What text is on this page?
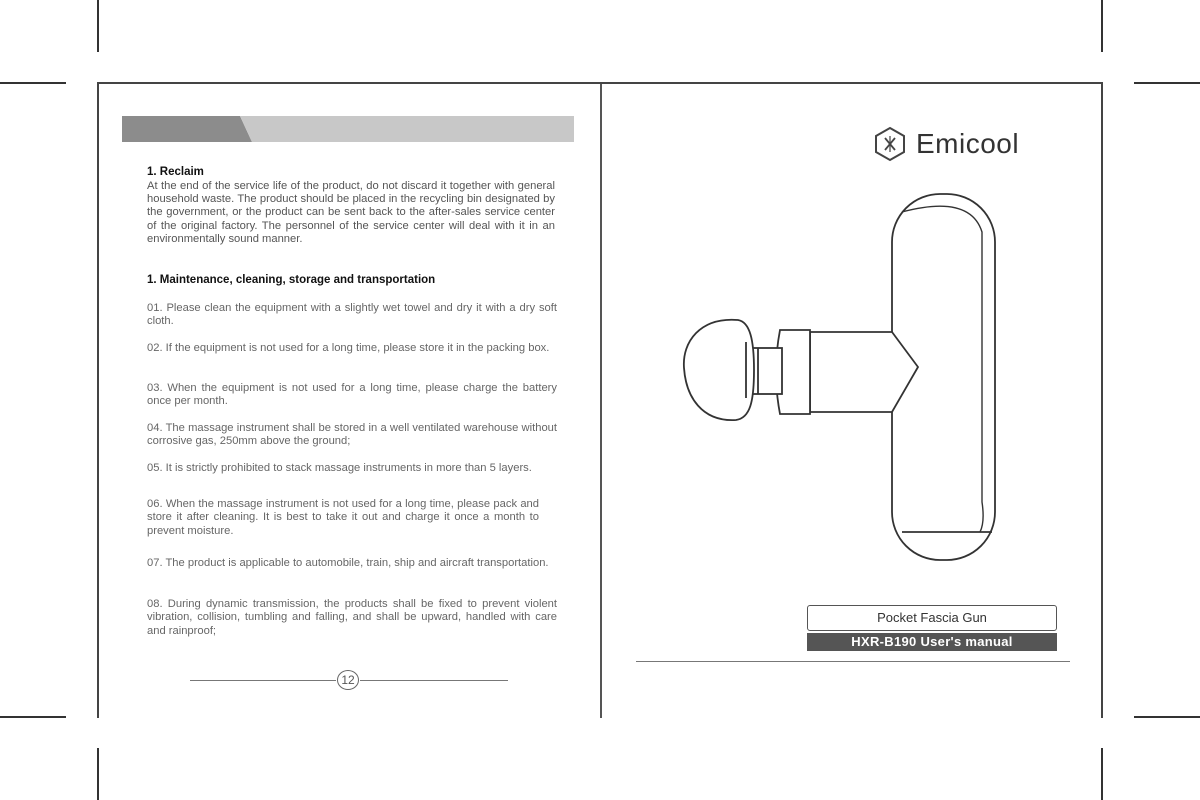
1. Reclaim
At the end of the service life of the product, do not discard it together with general household waste. The product should be placed in the recycling bin designated by the government, or the product can be sent back to the after-sales service center of the original factory. The personnel of the service center will deal with it in an environmentally sound manner.
1. Maintenance, cleaning, storage and transportation
01. Please clean the equipment with a slightly wet towel and dry it with a dry soft cloth.
02. If the equipment is not used for a long time, please store it in the packing box.
03. When the equipment is not used for a long time, please charge the battery once per month.
04. The massage instrument shall be stored in a well ventilated warehouse without corrosive gas, 250mm above the ground;
05. It is strictly prohibited to stack massage instruments in more than 5 layers.
06. When the massage instrument is not used for a long time, please pack and store it after cleaning. It is best to take it out and charge it once a month to prevent moisture.
07. The product is applicable to automobile, train, ship and aircraft transportation.
08. During dynamic transmission, the products shall be fixed to prevent violent vibration, collision, tumbling and falling, and shall be upward, handled with care and rainproof;
12
Emicool
Pocket Fascia Gun
HXR-B190 User's manual
